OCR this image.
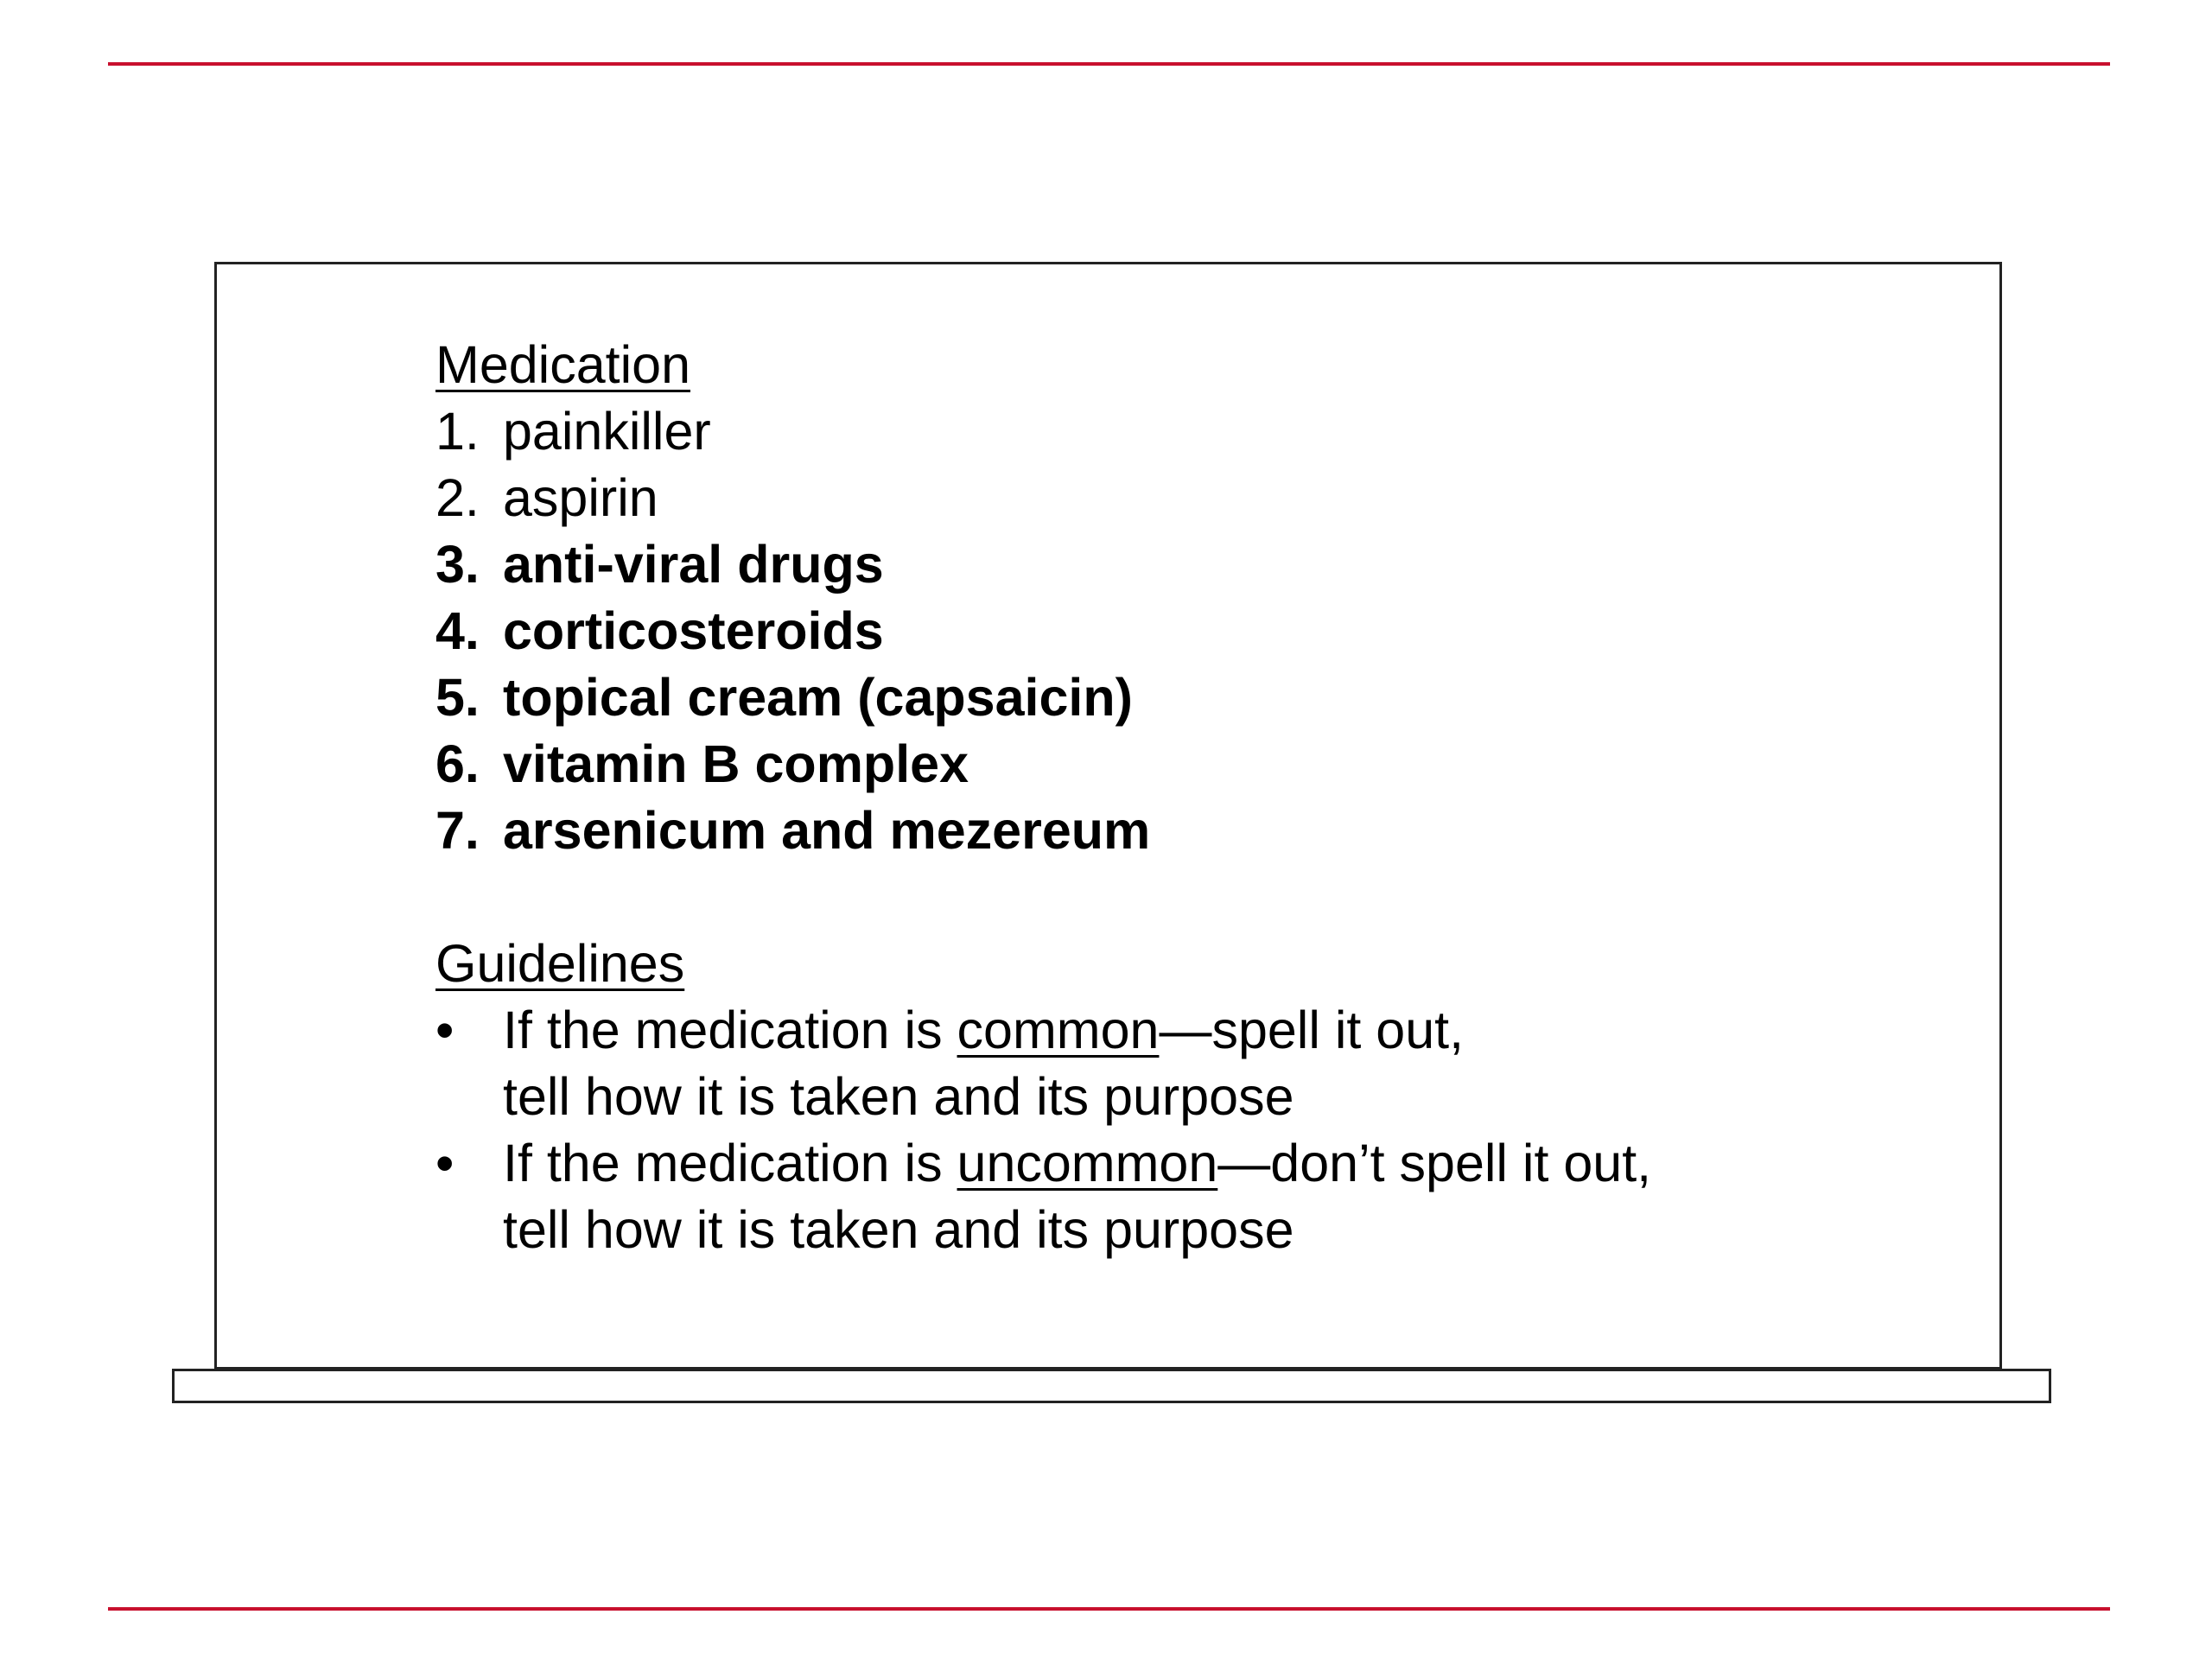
Medication
1. painkiller
2. aspirin
3. anti-viral drugs
4. corticosteroids
5. topical cream (capsaicin)
6. vitamin B complex
7. arsenicum and mezereum
Guidelines
• If the medication is common—spell it out,
tell how it is taken and its purpose
• If the medication is uncommon—don’t spell it out,
tell how it is taken and its purpose
